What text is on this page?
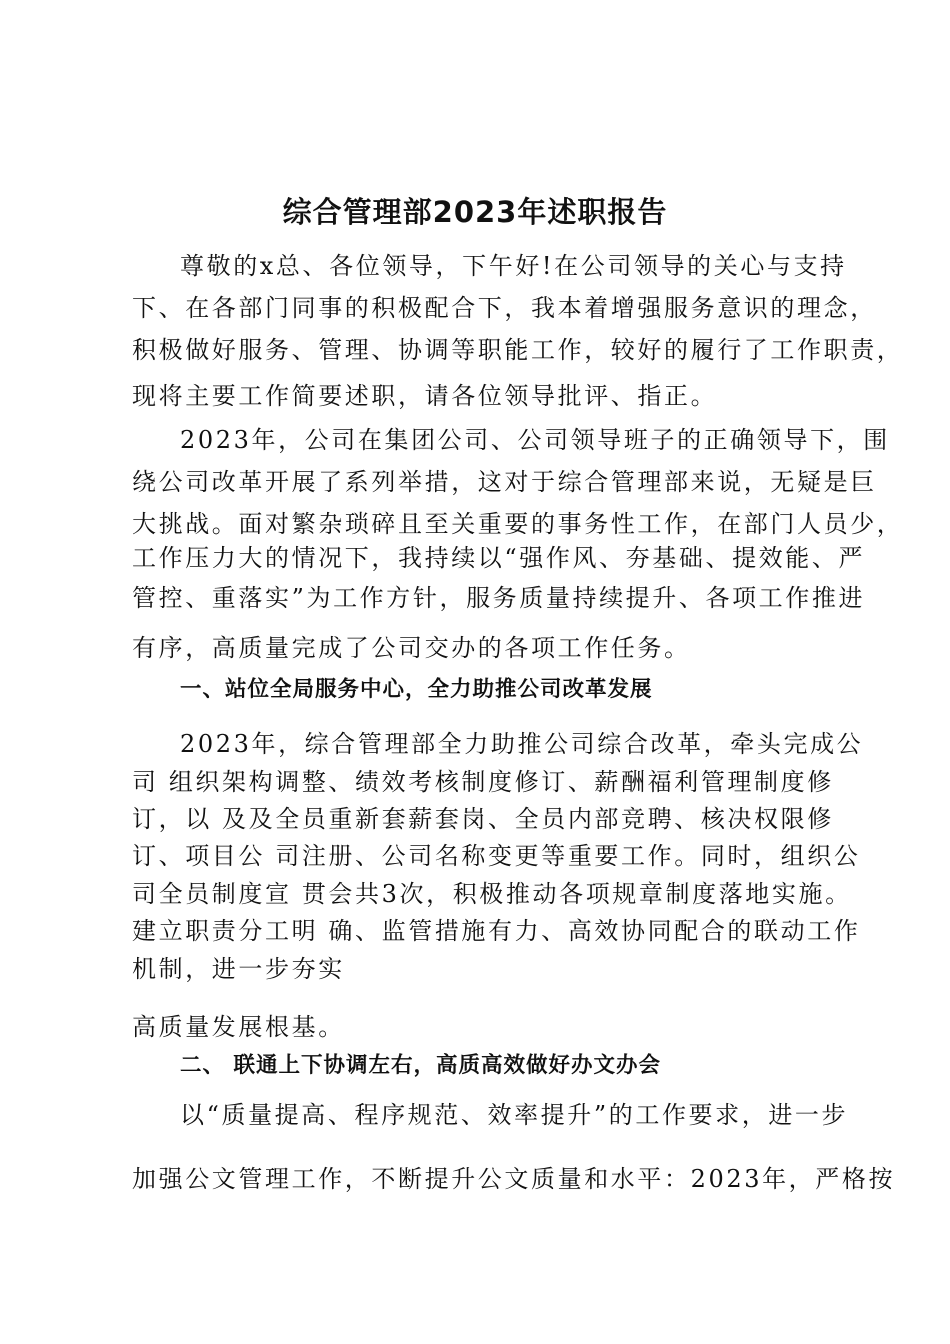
综合管理部2023年述职报告

尊敬的x总、各位领导，下午好!在公司领导的关心与支持

下、在各部门同事的积极配合下，我本着增强服务意识的理念，

积极做好服务、管理、协调等职能工作，较好的履行了工作职责，

现将主要工作简要述职，请各位领导批评、指正。

2023年，公司在集团公司、公司领导班子的正确领导下，围

绕公司改革开展了系列举措，这对于综合管理部来说，无疑是巨

大挑战。面对繁杂琐碎且至关重要的事务性工作，在部门人员少，

工作压力大的情况下，我持续以“强作风、夯基础、提效能、严

管控、重落实”为工作方针，服务质量持续提升、各项工作推进

有序，高质量完成了公司交办的各项工作任务。

一、站位全局服务中心，全力助推公司改革发展

2023年，综合管理部全力助推公司综合改革，牵头完成公

司 组织架构调整、绩效考核制度修订、薪酬福利管理制度修

订，以 及及全员重新套薪套岗、全员内部竞聘、核决权限修

订、项目公 司注册、公司名称变更等重要工作。同时，组织公

司全员制度宣 贯会共3次，积极推动各项规章制度落地实施。

建立职责分工明 确、监管措施有力、高效协同配合的联动工作

机制，进一步夯实

高质量发展根基。

二、 联通上下协调左右，高质高效做好办文办会

以“质量提高、程序规范、效率提升”的工作要求，进一步

加强公文管理工作，不断提升公文质量和水平：2023年，严格按
